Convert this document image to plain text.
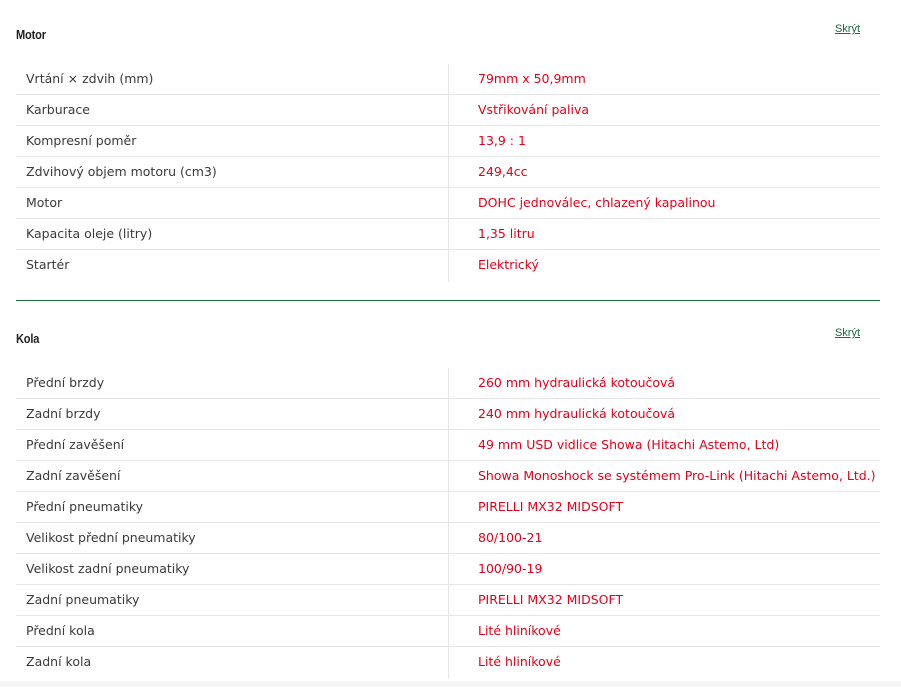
Motor	Skrýt
Vrtání × zdvih (mm)	79mm x 50,9mm
Karburace	Vstřikování paliva
Kompresní poměr	13,9 : 1
Zdvihový objem motoru (cm3)	249,4cc
Motor	DOHC jednoválec, chlazený kapalinou
Kapacita oleje (litry)	1,35 litru
Startér	Elektrický
Kola	Skrýt
Přední brzdy	260 mm hydraulická kotoučová
Zadní brzdy	240 mm hydraulická kotoučová
Přední zavěšení	49 mm USD vidlice Showa (Hitachi Astemo, Ltd)
Zadní zavěšení	Showa Monoshock se systémem Pro-Link (Hitachi Astemo, Ltd.)
Přední pneumatiky	PIRELLI MX32 MIDSOFT
Velikost přední pneumatiky	80/100-21
Velikost zadní pneumatiky	100/90-19
Zadní pneumatiky	PIRELLI MX32 MIDSOFT
Přední kola	Lité hliníkové
Zadní kola	Lité hliníkové
